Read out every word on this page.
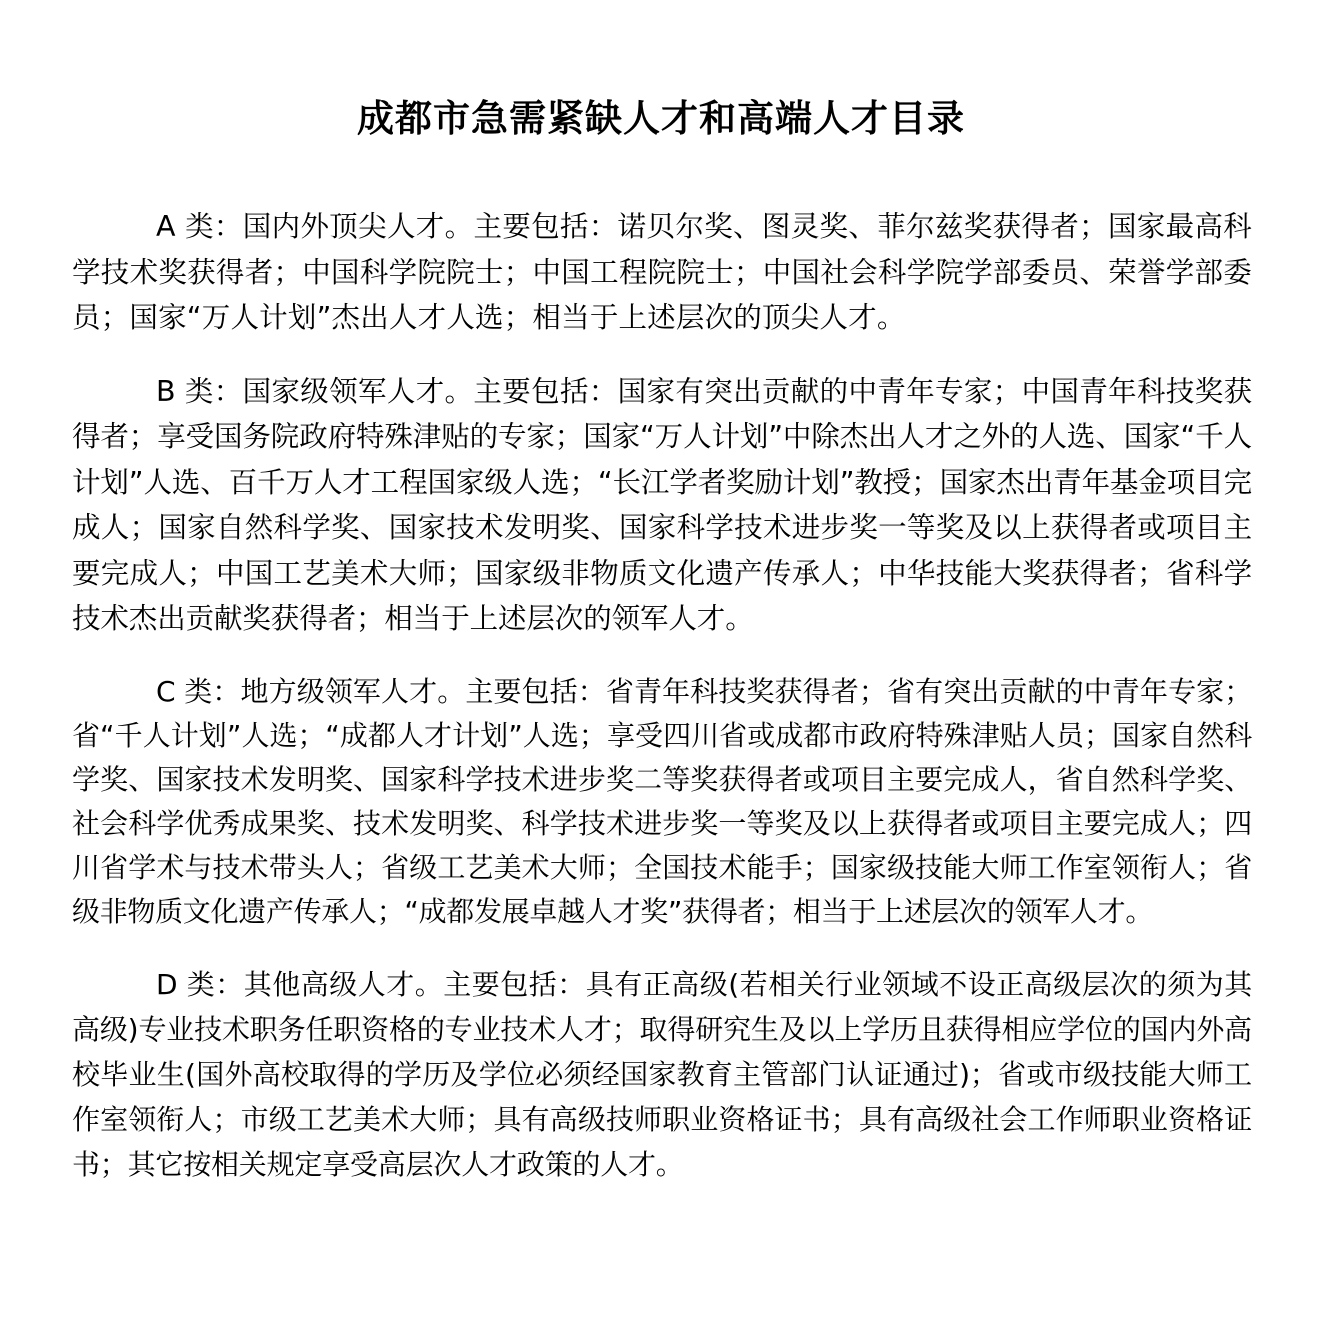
成都市急需紧缺人才和高端人才目录

A 类：国内外顶尖人才。主要包括：诺贝尔奖、图灵奖、菲尔兹奖获得者；国家最高科学技术奖获得者；中国科学院院士；中国工程院院士；中国社会科学院学部委员、荣誉学部委员；国家“万人计划”杰出人才人选；相当于上述层次的顶尖人才。

B 类：国家级领军人才。主要包括：国家有突出贡献的中青年专家；中国青年科技奖获得者；享受国务院政府特殊津贴的专家；国家“万人计划”中除杰出人才之外的人选、国家“千人计划”人选、百千万人才工程国家级人选；“长江学者奖励计划”教授；国家杰出青年基金项目完成人；国家自然科学奖、国家技术发明奖、国家科学技术进步奖一等奖及以上获得者或项目主要完成人；中国工艺美术大师；国家级非物质文化遗产传承人；中华技能大奖获得者；省科学技术杰出贡献奖获得者；相当于上述层次的领军人才。

C 类：地方级领军人才。主要包括：省青年科技奖获得者；省有突出贡献的中青年专家；省“千人计划”人选；“成都人才计划”人选；享受四川省或成都市政府特殊津贴人员；国家自然科学奖、国家技术发明奖、国家科学技术进步奖二等奖获得者或项目主要完成人，省自然科学奖、社会科学优秀成果奖、技术发明奖、科学技术进步奖一等奖及以上获得者或项目主要完成人；四川省学术与技术带头人；省级工艺美术大师；全国技术能手；国家级技能大师工作室领衔人；省级非物质文化遗产传承人；“成都发展卓越人才奖”获得者；相当于上述层次的领军人才。

D 类：其他高级人才。主要包括：具有正高级(若相关行业领域不设正高级层次的须为其高级)专业技术职务任职资格的专业技术人才；取得研究生及以上学历且获得相应学位的国内外高校毕业生(国外高校取得的学历及学位必须经国家教育主管部门认证通过)；省或市级技能大师工作室领衔人；市级工艺美术大师；具有高级技师职业资格证书；具有高级社会工作师职业资格证书；其它按相关规定享受高层次人才政策的人才。
